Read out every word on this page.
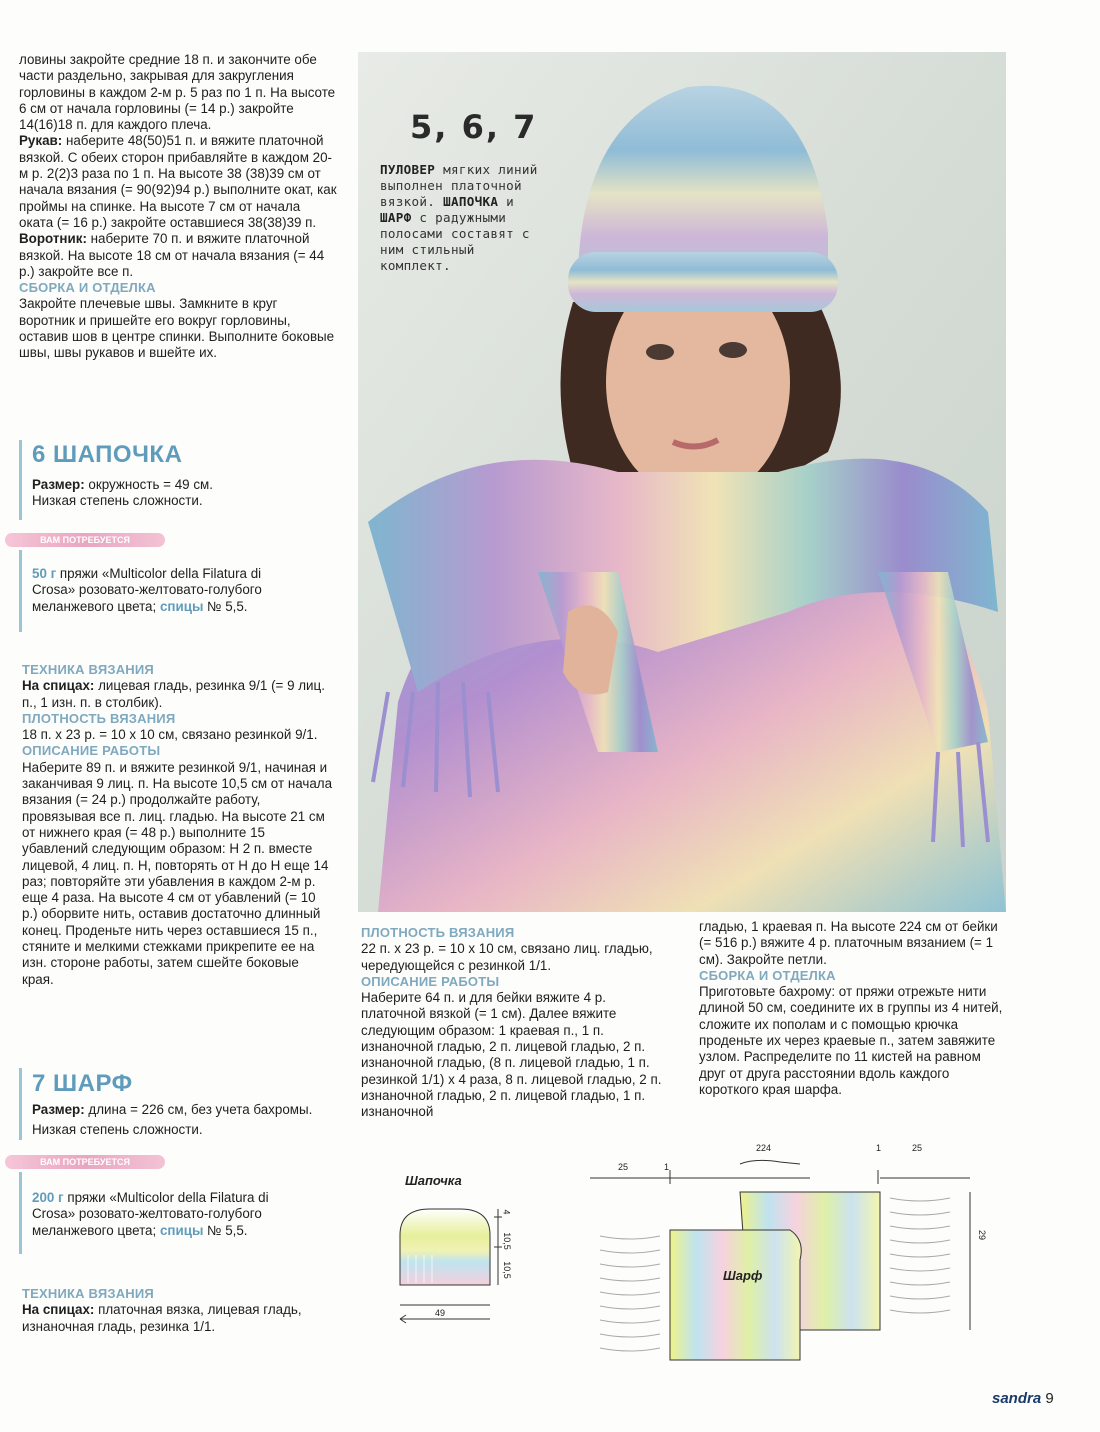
ловины закройте средние 18 п. и закончите обе части раздельно, закрывая для закругления горловины в каждом 2-м р. 5 раз по 1 п. На высоте 6 см от начала горловины (= 14 р.) закройте 14(16)18 п. для каждого плеча.

Рукав: наберите 48(50)51 п. и вяжите платочной вязкой. С обеих сторон прибавляйте в каждом 20-м р. 2(2)3 раза по 1 п. На высоте 38 (38)39 см от начала вязания (= 90(92)94 р.) выполните окат, как проймы на спинке. На высоте 7 см от начала оката (= 16 р.) закройте оставшиеся 38(38)39 п.

Воротник: наберите 70 п. и вяжите платочной вязкой. На высоте 18 см от начала вязания (= 44 р.) закройте все п.

СБОРКА И ОТДЕЛКА

Закройте плечевые швы. Замкните в круг воротник и пришейте его вокруг горловины, оставив шов в центре спинки. Выполните боковые швы, швы рукавов и вшейте их.

6 ШАПОЧКА

Размер: окружность = 49 см.

Низкая степень сложности.

ВАМ ПОТРЕБУЕТСЯ

50 г пряжи «Multicolor della Filatura di Crosa» розовато-желтовато-голубого меланжевого цвета; спицы № 5,5.

ТЕХНИКА ВЯЗАНИЯ

На спицах: лицевая гладь, резинка 9/1 (= 9 лиц. п., 1 изн. п. в столбик).

ПЛОТНОСТЬ ВЯЗАНИЯ

18 п. x 23 р. = 10 x 10 см, связано резинкой 9/1.

ОПИСАНИЕ РАБОТЫ

Наберите 89 п. и вяжите резинкой 9/1, начиная и заканчивая 9 лиц. п. На высоте 10,5 см от начала вязания (= 24 р.) продолжайте работу, провязывая все п. лиц. гладью. На высоте 21 см от нижнего края (= 48 р.) выполните 15 убавлений следующим образом: Н 2 п. вместе лицевой, 4 лиц. п. Н, повторять от Н до Н еще 14 раз; повторяйте эти убавления в каждом 2-м р. еще 4 раза. На высоте 4 см от убавлений (= 10 р.) оборвите нить, оставив достаточно длинный конец. Проденьте нить через оставшиеся 15 п., стяните и мелкими стежками прикрепите ее на изн. стороне работы, затем сшейте боковые края.

7 ШАРФ

Размер: длина = 226 см, без учета бахромы.

Низкая степень сложности.

ВАМ ПОТРЕБУЕТСЯ

200 г пряжи «Multicolor della Filatura di Crosa» розовато-желтовато-голубого меланжевого цвета; спицы № 5,5.

ТЕХНИКА ВЯЗАНИЯ

На спицах: платочная вязка, лицевая гладь, изнаночная гладь, резинка 1/1.

5, 6, 7
ПУЛОВЕР мягких линий выполнен платочной вязкой. ШАПОЧКА и ШАРФ с радужными полосами составят с ним стильный комплект.

ПЛОТНОСТЬ ВЯЗАНИЯ

22 п. x 23 р. = 10 x 10 см, связано лиц. гладью, чередующейся с резинкой 1/1.

ОПИСАНИЕ РАБОТЫ

Наберите 64 п. и для бейки вяжите 4 р. платочной вязкой (= 1 см). Далее вяжите следующим образом: 1 краевая п., 1 п. изнаночной гладью, 2 п. лицевой гладью, 2 п. изнаночной гладью, (8 п. лицевой гладью, 1 п. резинкой 1/1) x 4 раза, 8 п. лицевой гладью, 2 п. изнаночной гладью, 2 п. лицевой гладью, 1 п. изнаночной

гладью, 1 краевая п. На высоте 224 см от бейки (= 516 р.) вяжите 4 р. платочным вязанием (= 1 см). Закройте петли.

СБОРКА И ОТДЕЛКА

Приготовьте бахрому: от пряжи отрежьте нити длиной 50 см, соедините их в группы из 4 нитей, сложите их пополам и с помощью крючка проденьте их через краевые п., затем завяжите узлом. Распределите по 11 кистей на равном друг от друга расстоянии вдоль каждого короткого края шарфа.

Шапочка
4
10,5
10,5
49
25	1
224	1	25
29
Шарф
sandra 9
